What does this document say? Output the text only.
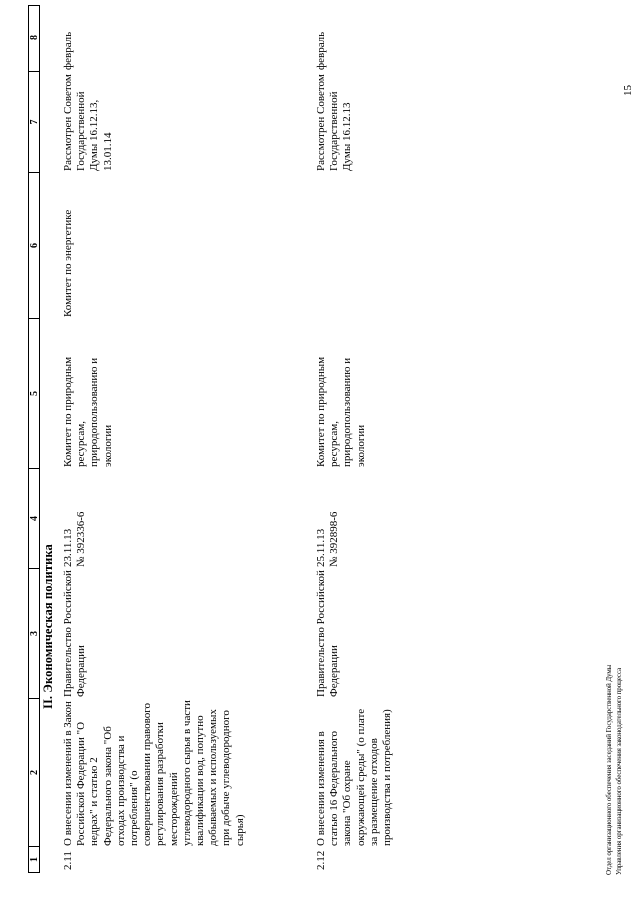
1
2
3
4
5
6
7
8
II. Экономическая политика
2.11
О внесении изменений в Закон Российской Федерации "О недрах" и статью 2 Федерального закона "Об отходах производства и потребления" (о совершенствовании правового регулирования разработки месторождений углеводородного сырья в части квалификации вод, попутно добываемых и используемых при добыче углеводородного сырья)
Правительство Российской Федерации
23.11.13
№ 392336-6
Комитет по природным ресурсам, природопользованию и экологии
Комитет по энергетике
Рассмотрен Советом Государственной Думы 16.12.13, 13.01.14
февраль
2.12
О внесении изменения в статью 16 Федерального закона "Об охране окружающей среды" (о плате за размещение отходов производства и потребления)
Правительство Российской Федерации
25.11.13
№ 392898-6
Комитет по природным ресурсам, природопользованию и экологии
Рассмотрен Советом Государственной Думы 16.12.13
февраль
Отдел организационного обеспечения заседаний Государственной Думы Управления организационного обеспечения законодательного процесса
15
